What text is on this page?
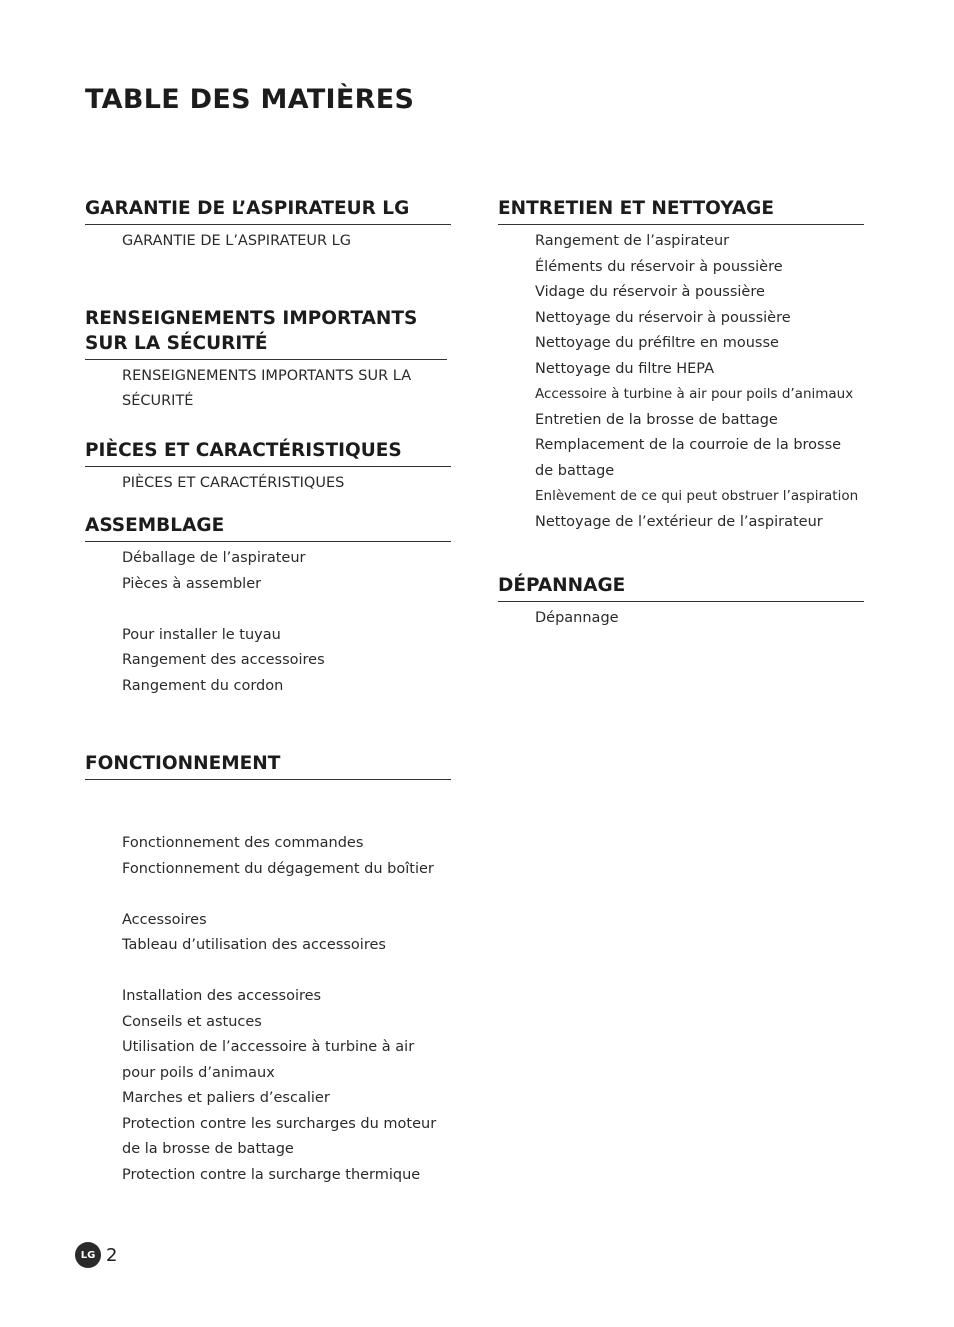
TABLE DES MATIÈRES
GARANTIE DE L’ASPIRATEUR LG
GARANTIE DE L’ASPIRATEUR LG
RENSEIGNEMENTS IMPORTANTS SUR LA SÉCURITÉ
RENSEIGNEMENTS IMPORTANTS SUR LA SÉCURITÉ
PIÈCES ET CARACTÉRISTIQUES
PIÈCES ET CARACTÉRISTIQUES
ASSEMBLAGE
Déballage de l’aspirateur
Pièces à assembler
Pour installer le tuyau
Rangement des accessoires
Rangement du cordon
FONCTIONNEMENT
Fonctionnement des commandes
Fonctionnement du dégagement du boîtier
Accessoires
Tableau d’utilisation des accessoires
Installation des accessoires
Conseils et astuces
Utilisation de l’accessoire à turbine à air pour poils d’animaux
Marches et paliers d’escalier
Protection contre les surcharges du moteur de la brosse de battage
Protection contre la surcharge thermique
ENTRETIEN ET NETTOYAGE
Rangement de l’aspirateur
Éléments du réservoir à poussière
Vidage du réservoir à poussière
Nettoyage du réservoir à poussière
Nettoyage du préfiltre en mousse
Nettoyage du filtre HEPA
Accessoire à turbine à air pour poils d’animaux
Entretien de la brosse de battage
Remplacement de la courroie de la brosse de battage
Enlèvement de ce qui peut obstruer l’aspiration
Nettoyage de l’extérieur de l’aspirateur
DÉPANNAGE
Dépannage
LG 2
